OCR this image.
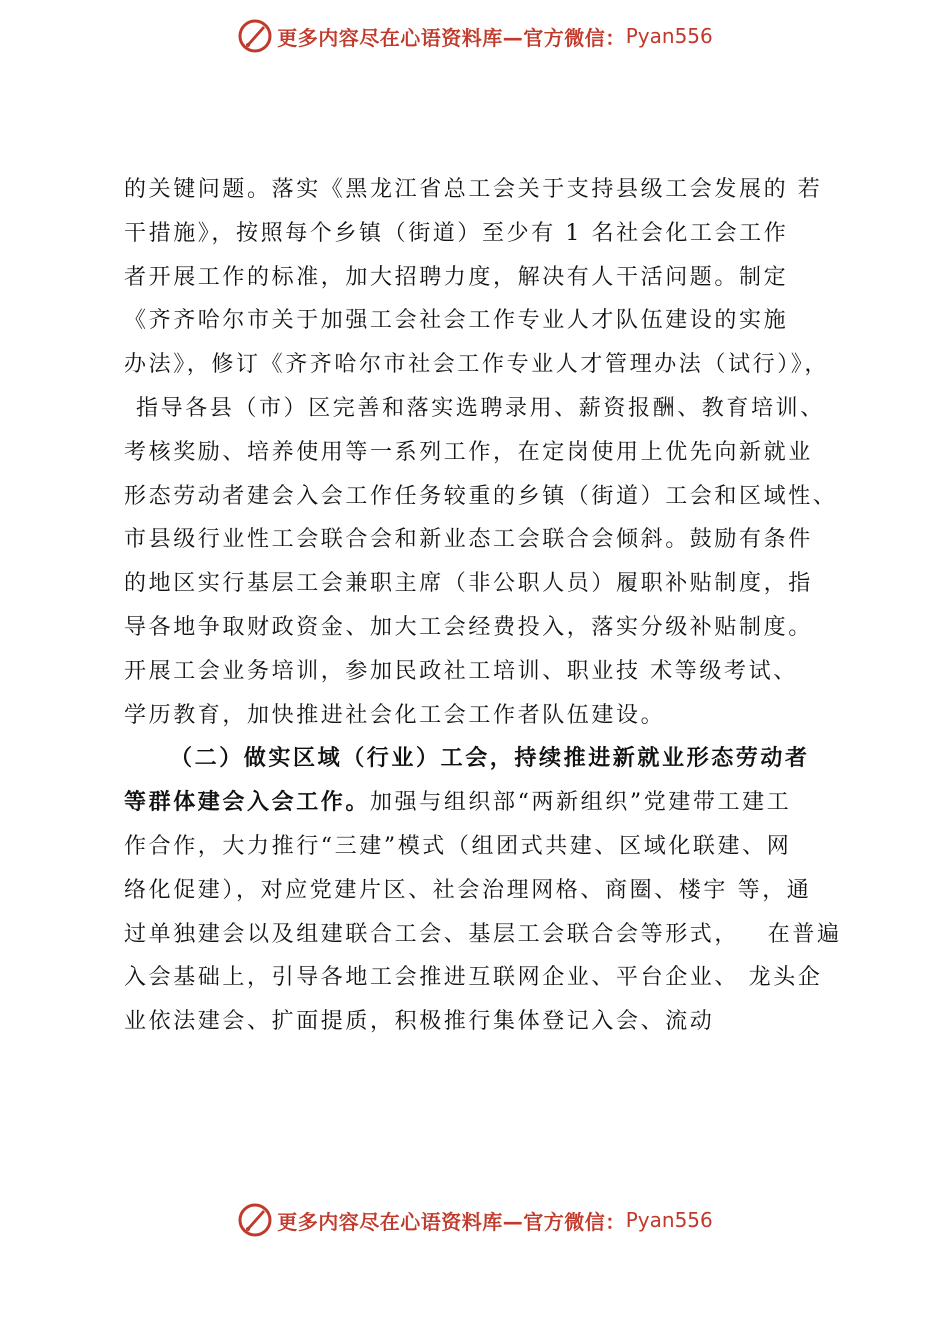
更多内容尽在心语资料库—官方微信： Pyan556
的关键问题。落实《黑龙江省总工会关于支持县级工会发展的 若
干措施》，按照每个乡镇（街道）至少有 1 名社会化工会工作
者开展工作的标准，加大招聘力度，解决有人干活问题。制定
《齐齐哈尔市关于加强工会社会工作专业人才队伍建设的实施
办法》，修订《齐齐哈尔市社会工作专业人才管理办法（试行）》，
指导各县（市）区完善和落实选聘录用、薪资报酬、教育培训、
考核奖励、培养使用等一系列工作，在定岗使用上优先向新就业
形态劳动者建会入会工作任务较重的乡镇（街道）工会和区域性、
市县级行业性工会联合会和新业态工会联合会倾斜。鼓励有条件
的地区实行基层工会兼职主席（非公职人员）履职补贴制度，指
导各地争取财政资金、加大工会经费投入，落实分级补贴制度。
开展工会业务培训，参加民政社工培训、职业技 术等级考试、
学历教育，加快推进社会化工会工作者队伍建设。
（二）做实区域（行业）工会，持续推进新就业形态劳动者
等群体建会入会工作。加强与组织部“两新组织”党建带工建工
作合作，大力推行“三建”模式（组团式共建、区域化联建、网
络化促建），对应党建片区、社会治理网格、商圈、楼宇 等，通
过单独建会以及组建联合工会、基层工会联合会等形式，   在普遍
入会基础上，引导各地工会推进互联网企业、平台企业、 龙头企
业依法建会、扩面提质，积极推行集体登记入会、流动
更多内容尽在心语资料库—官方微信： Pyan556
